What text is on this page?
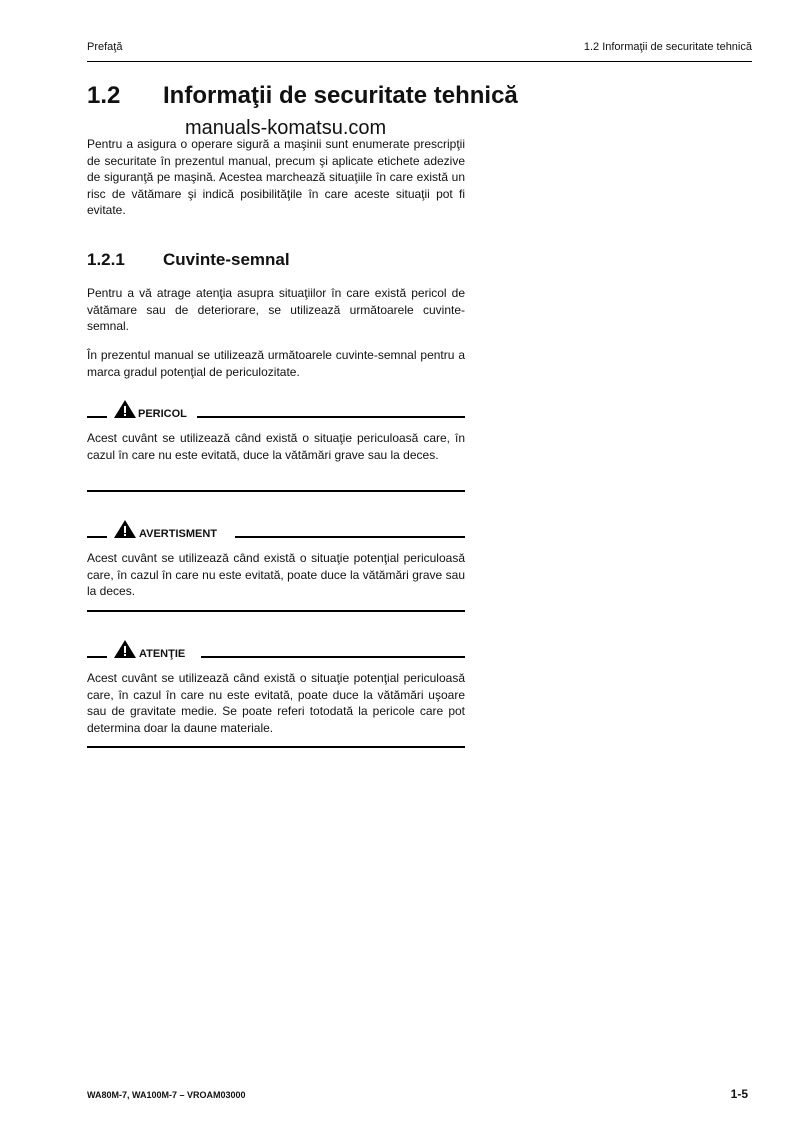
Prefaţă	1.2 Informaţii de securitate tehnică
1.2 Informaţii de securitate tehnică
manuals-komatsu.com
Pentru a asigura o operare sigură a maşinii sunt enumerate prescripţii de securitate în prezentul manual, precum şi aplicate etichete adezive de siguranţă pe maşină. Acestea marchează situaţiile în care există un risc de vătămare şi indică posibilităţile în care aceste situaţii pot fi evitate.
1.2.1 Cuvinte-semnal
Pentru a vă atrage atenţia asupra situaţiilor în care există pericol de vătămare sau de deteriorare, se utilizează următoarele cuvinte-semnal.
În prezentul manual se utilizează următoarele cuvinte-semnal pentru a marca gradul potenţial de periculozitate.
PERICOL
Acest cuvânt se utilizează când există o situaţie periculoasă care, în cazul în care nu este evitată, duce la vătămări grave sau la deces.
AVERTISMENT
Acest cuvânt se utilizează când există o situaţie potenţial periculoasă care, în cazul în care nu este evitată, poate duce la vătămări grave sau la deces.
ATENŢIE
Acest cuvânt se utilizează când există o situaţie potenţial periculoasă care, în cazul în care nu este evitată, poate duce la vătămări uşoare sau de gravitate medie. Se poate referi totodată la pericole care pot determina doar la daune materiale.
WA80M-7, WA100M-7 – VROAM03000	1-5
